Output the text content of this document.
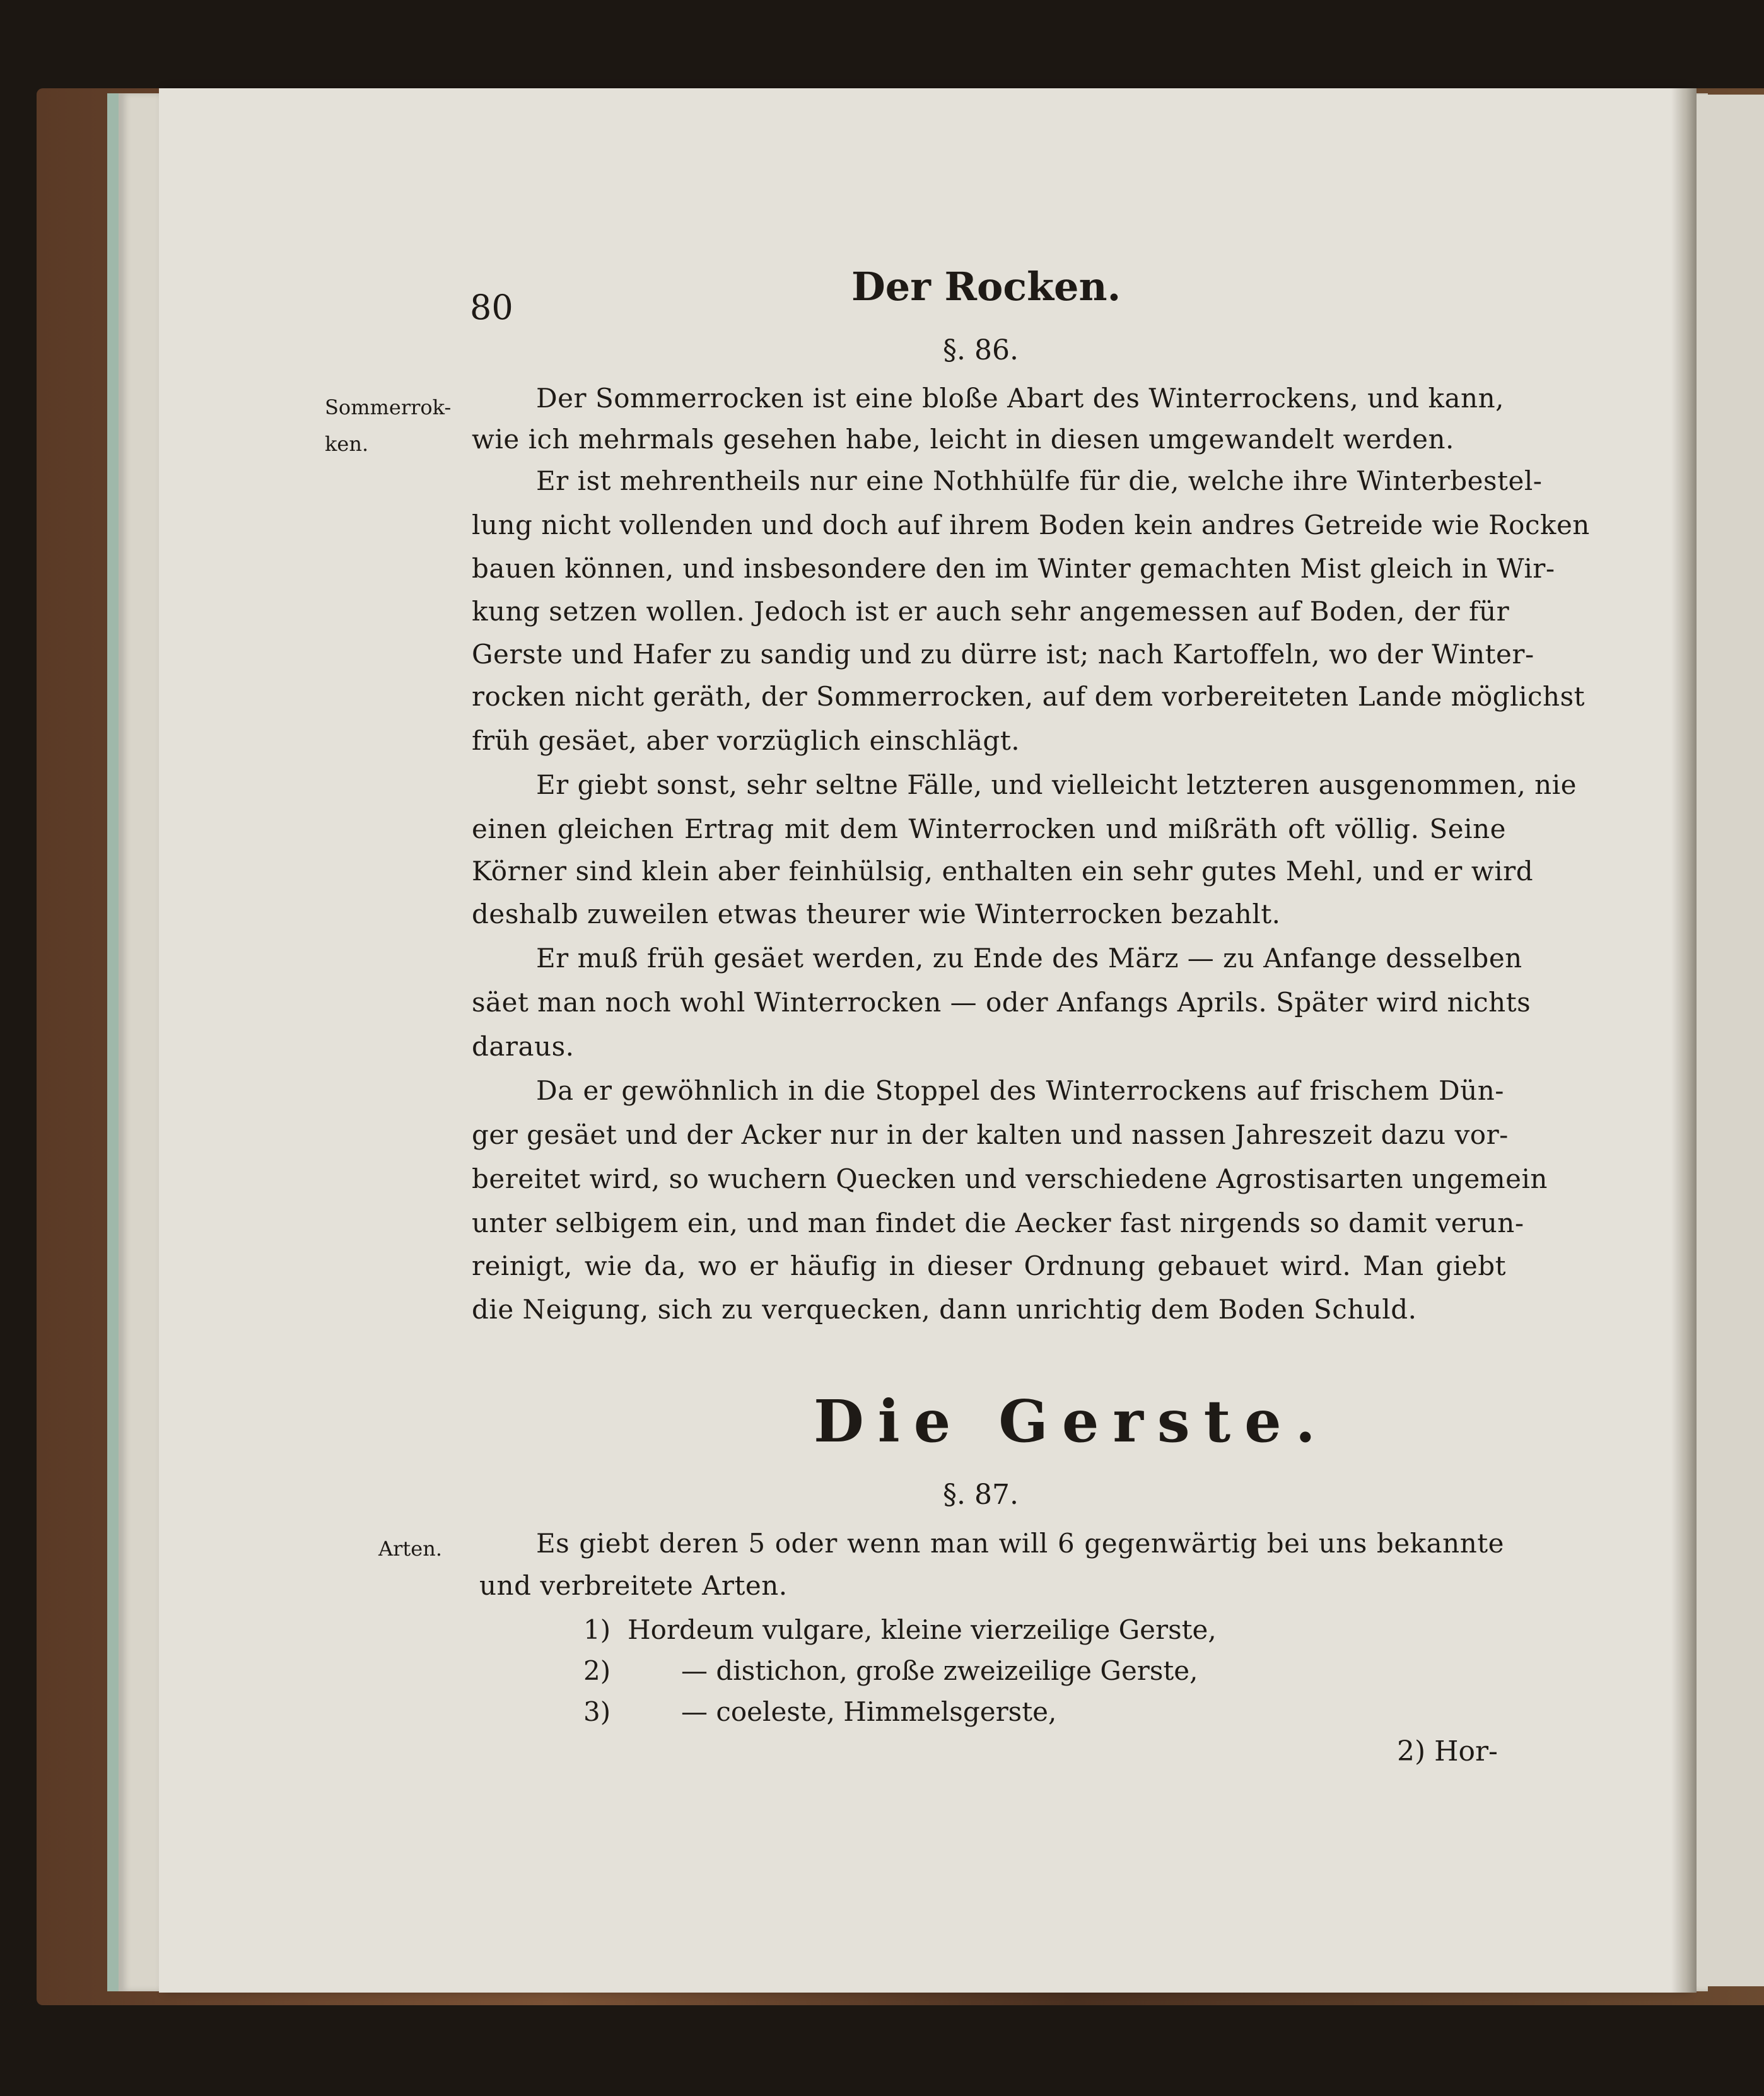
80	Der Rocken.
§. 86.
Sommerrok-
ken.
Der Sommerrocken ist eine bloße Abart des Winterrockens, und kann,
wie ich mehrmals gesehen habe, leicht in diesen umgewandelt werden.
Er ist mehrentheils nur eine Nothhülfe für die, welche ihre Winterbestel-
lung nicht vollenden und doch auf ihrem Boden kein andres Getreide wie Rocken
bauen können, und insbesondere den im Winter gemachten Mist gleich in Wir-
kung setzen wollen. Jedoch ist er auch sehr angemessen auf Boden, der für
Gerste und Hafer zu sandig und zu dürre ist; nach Kartoffeln, wo der Winter-
rocken nicht geräth, der Sommerrocken, auf dem vorbereiteten Lande möglichst
früh gesäet, aber vorzüglich einschlägt.
Er giebt sonst, sehr seltne Fälle, und vielleicht letzteren ausgenommen, nie
einen gleichen Ertrag mit dem Winterrocken und mißräth oft völlig. Seine
Körner sind klein aber feinhülsig, enthalten ein sehr gutes Mehl, und er wird
deshalb zuweilen etwas theurer wie Winterrocken bezahlt.
Er muß früh gesäet werden, zu Ende des März — zu Anfange desselben
säet man noch wohl Winterrocken — oder Anfangs Aprils. Später wird nichts
daraus.
Da er gewöhnlich in die Stoppel des Winterrockens auf frischem Dün-
ger gesäet und der Acker nur in der kalten und nassen Jahreszeit dazu vor-
bereitet wird, so wuchern Quecken und verschiedene Agrostisarten ungemein
unter selbigem ein, und man findet die Aecker fast nirgends so damit verun-
reinigt, wie da, wo er häufig in dieser Ordnung gebauet wird. Man giebt
die Neigung, sich zu verquecken, dann unrichtig dem Boden Schuld.
Die Gerste.
§. 87.
Arten.	Es giebt deren 5 oder wenn man will 6 gegenwärtig bei uns bekannte
und verbreitete Arten.
1) Hordeum vulgare, kleine vierzeilige Gerste,
2)	— distichon, große zweizeilige Gerste,
3)	— coeleste, Himmelsgerste,
2) Hor-
